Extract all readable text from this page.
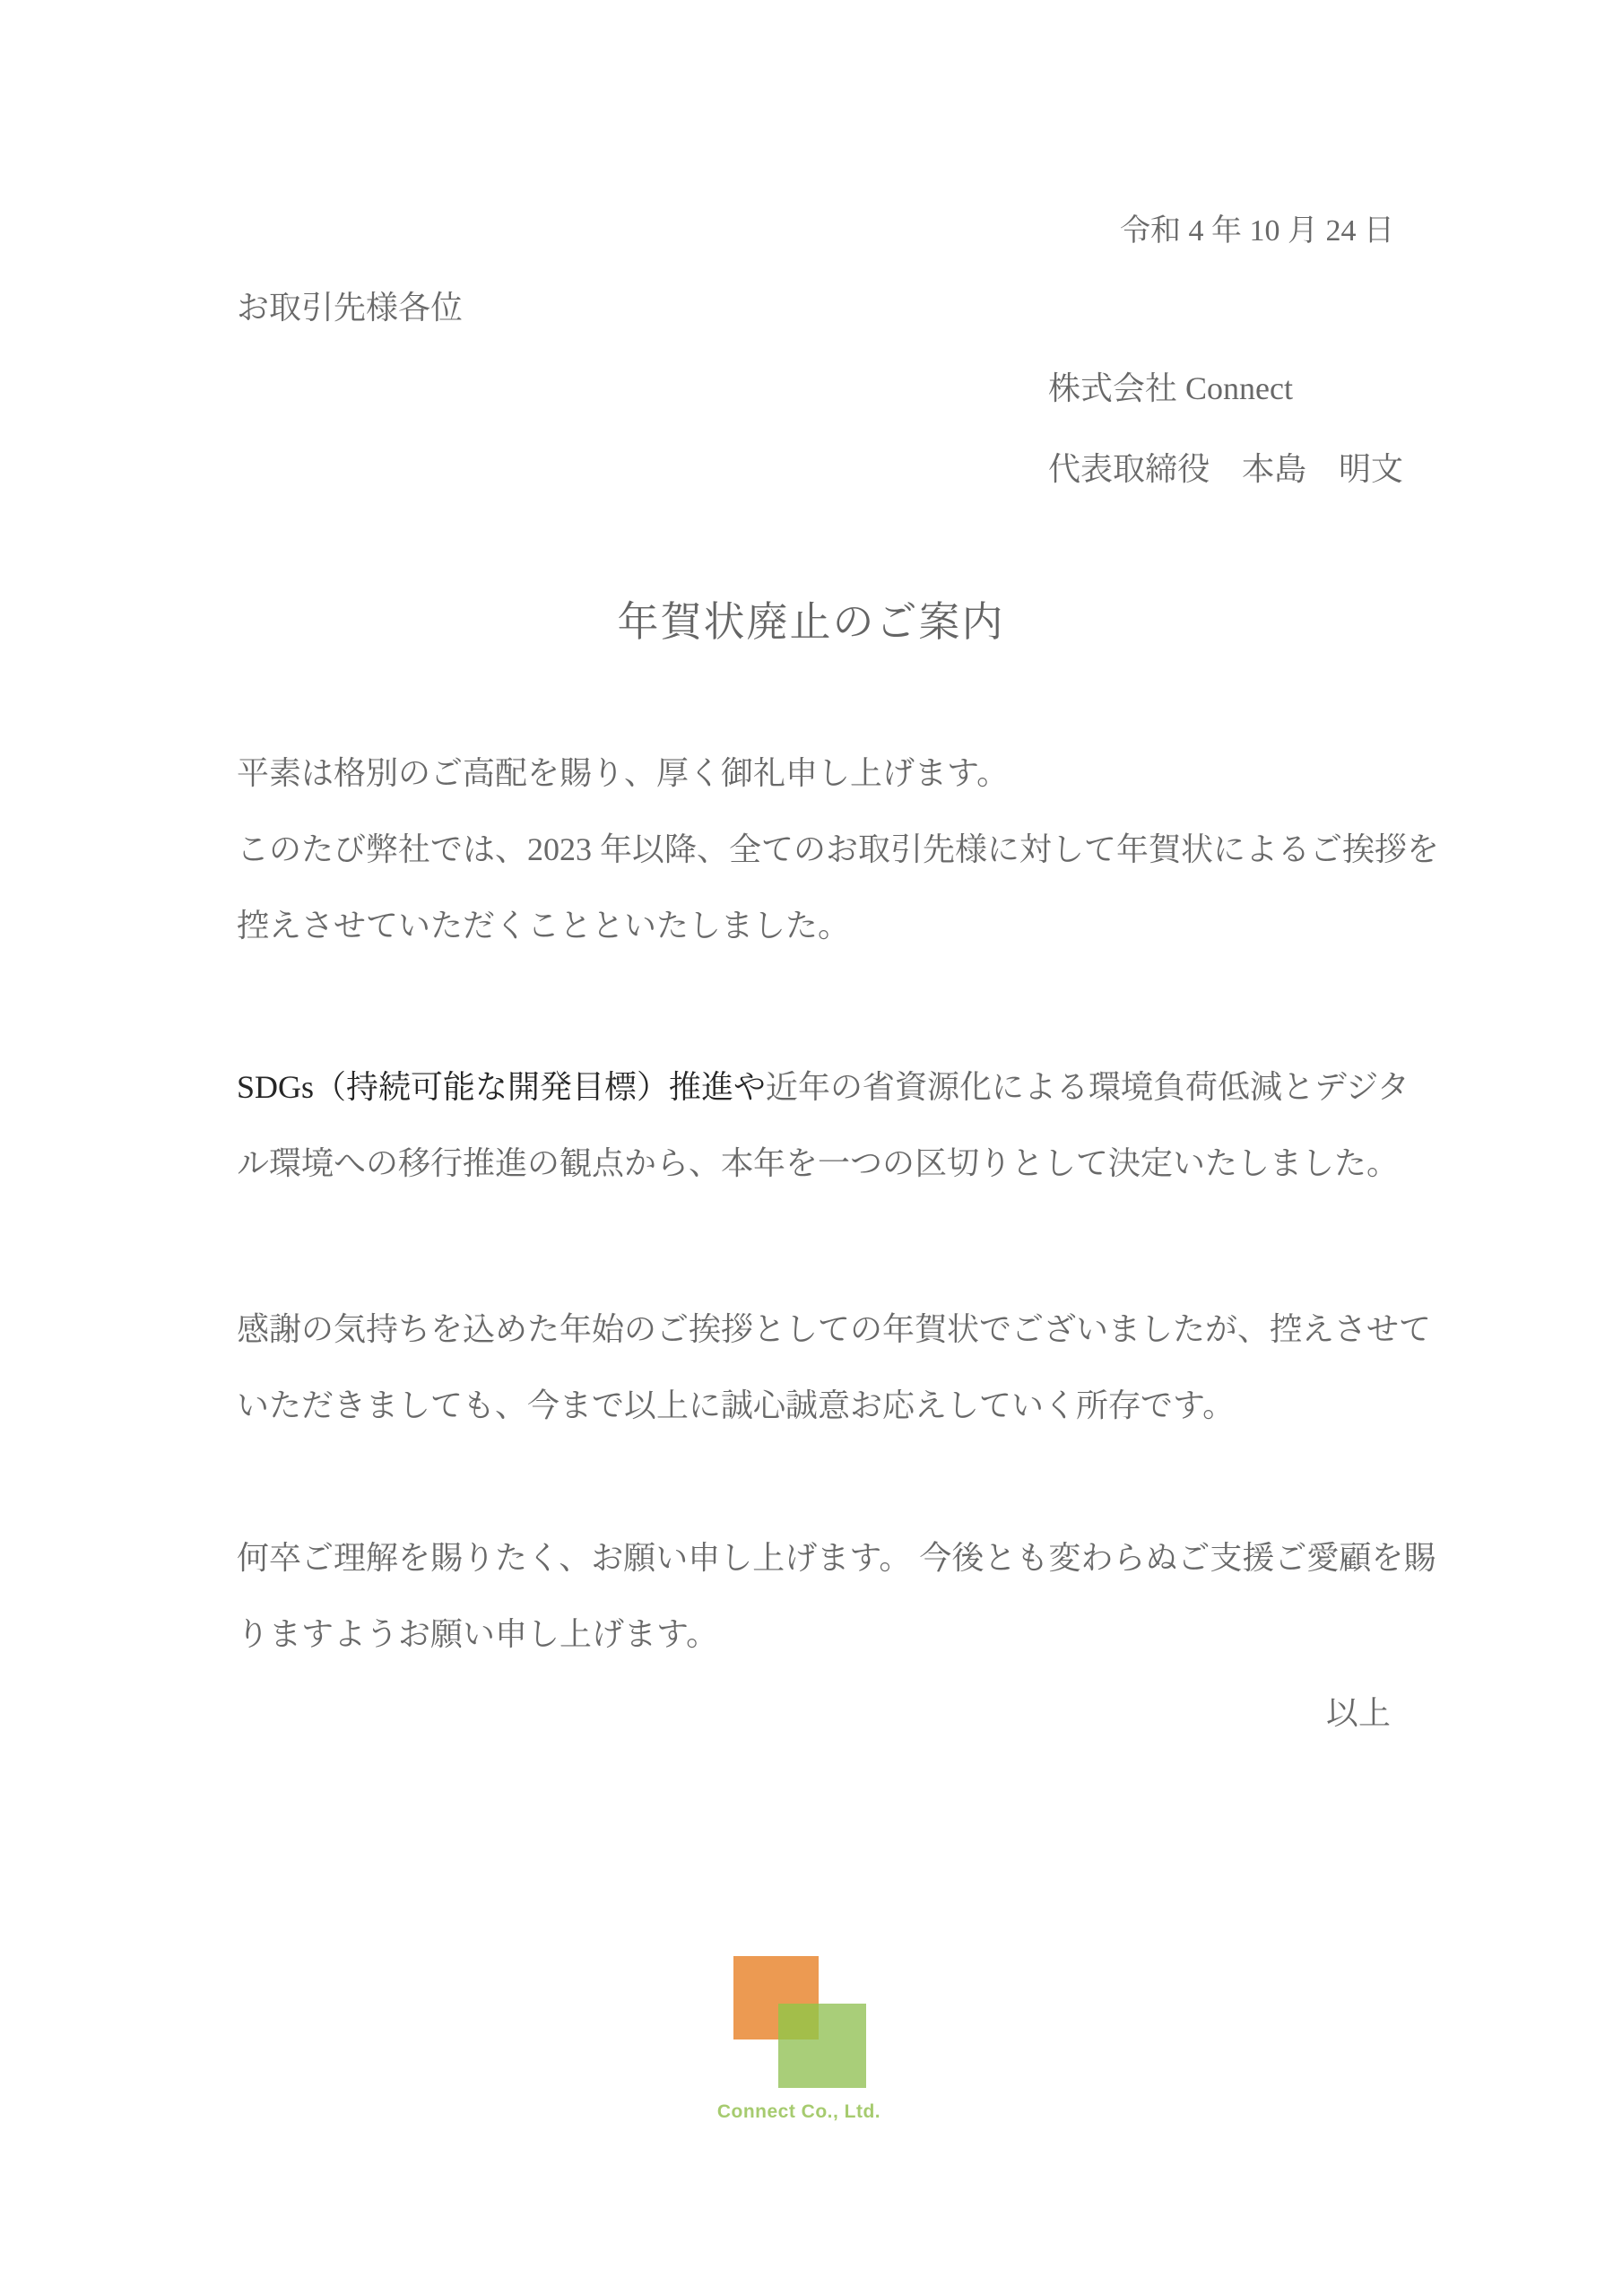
令和 4 年 10 月 24 日
お取引先様各位
株式会社 Connect
代表取締役　本島　明文
年賀状廃止のご案内
平素は格別のご高配を賜り、厚く御礼申し上げます。
このたび弊社では、2023 年以降、全てのお取引先様に対して年賀状によるご挨拶を
控えさせていただくことといたしました。
SDGs（持続可能な開発目標）推進や近年の省資源化による環境負荷低減とデジタ
ル環境への移行推進の観点から、本年を一つの区切りとして決定いたしました。
感謝の気持ちを込めた年始のご挨拶としての年賀状でございましたが、控えさせて
いただきましても、今まで以上に誠心誠意お応えしていく所存です。
何卒ご理解を賜りたく、お願い申し上げます。 今後とも変わらぬご支援ご愛顧を賜
りますようお願い申し上げます。
以上
Connect Co., Ltd.
